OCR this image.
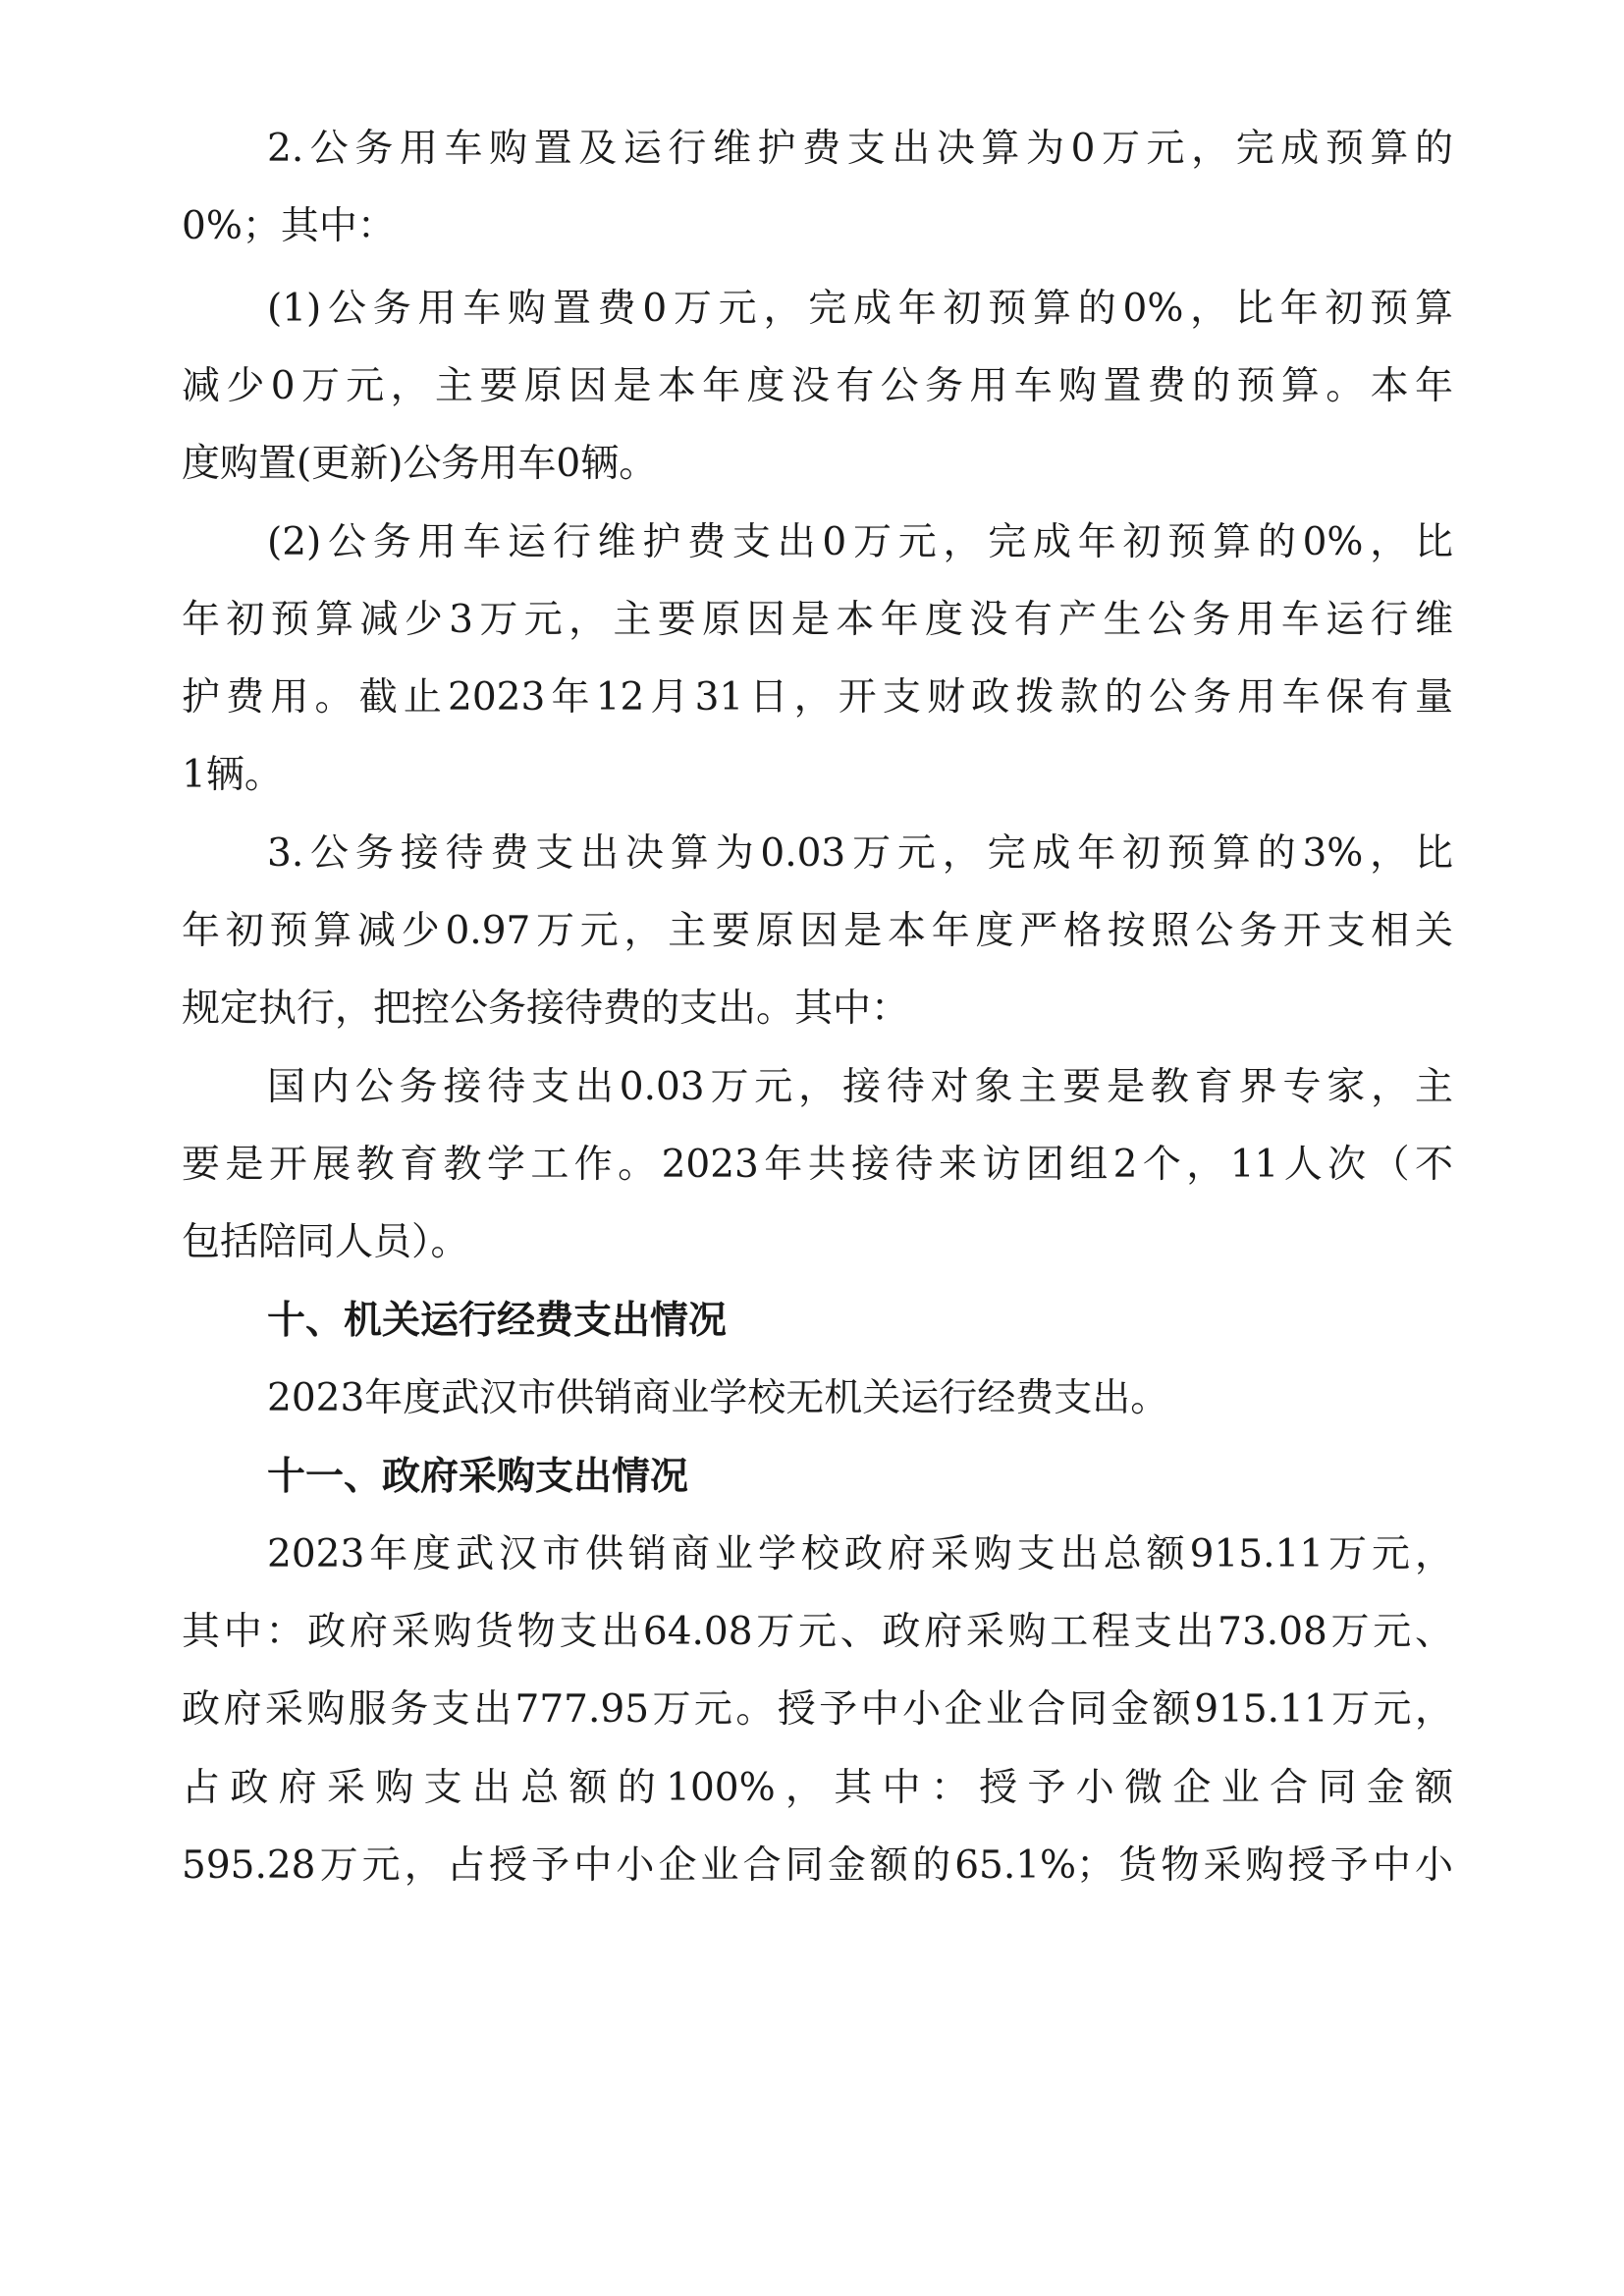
2.公务用车购置及运行维护费支出决算为0万元，完成预算的
0%；其中：
(1)公务用车购置费0万元，完成年初预算的0%，比年初预算
减少0万元，主要原因是本年度没有公务用车购置费的预算。本年
度购置(更新)公务用车0辆。
(2)公务用车运行维护费支出0万元，完成年初预算的0%，比
年初预算减少3万元，主要原因是本年度没有产生公务用车运行维
护费用。截止2023年12月31日，开支财政拨款的公务用车保有量
1辆。
3.公务接待费支出决算为0.03万元，完成年初预算的3%，比
年初预算减少0.97万元，主要原因是本年度严格按照公务开支相关
规定执行，把控公务接待费的支出。其中：
国内公务接待支出0.03万元，接待对象主要是教育界专家，主
要是开展教育教学工作。2023年共接待来访团组2个，11人次（不
包括陪同人员）。
十、机关运行经费支出情况
2023年度武汉市供销商业学校无机关运行经费支出。
十一、政府采购支出情况
2023年度武汉市供销商业学校政府采购支出总额915.11万元，
其中：政府采购货物支出64.08万元、政府采购工程支出73.08万元、
政府采购服务支出777.95万元。授予中小企业合同金额915.11万元，
占政府采购支出总额的100%，其中：授予小微企业合同金额
595.28万元，占授予中小企业合同金额的65.1%；货物采购授予中小
